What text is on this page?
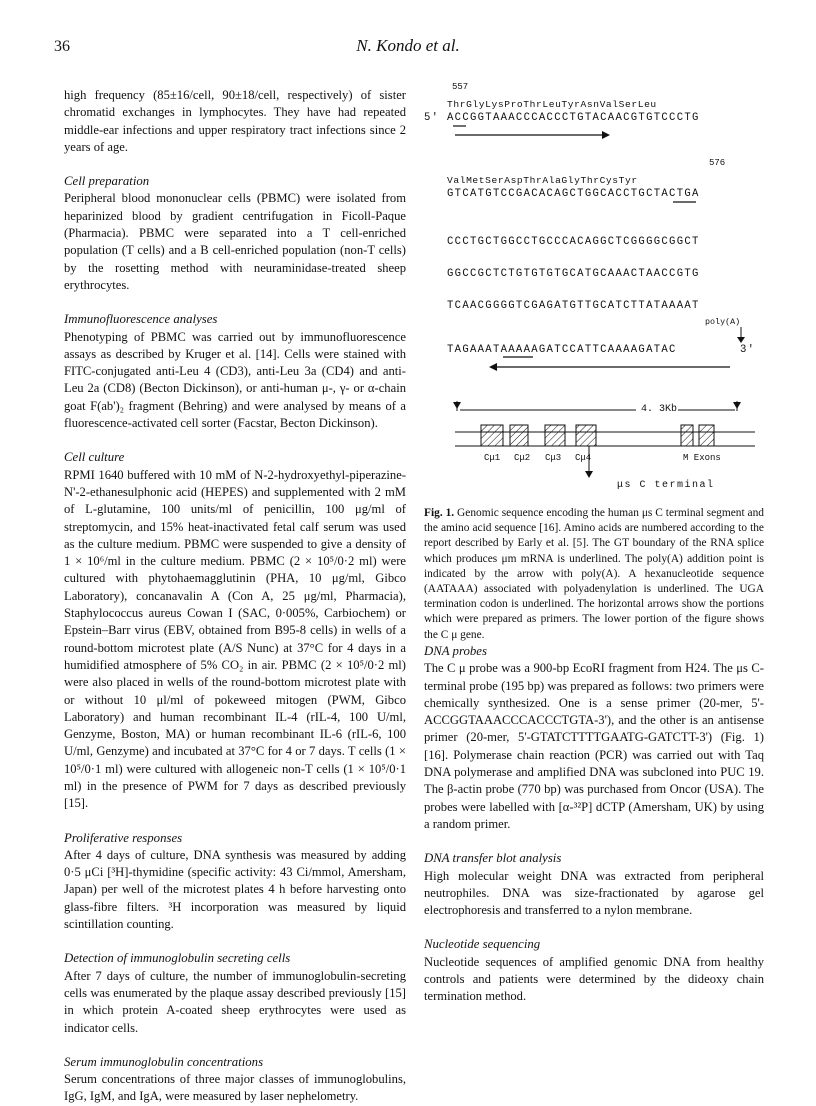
36	N. Kondo et al.

high frequency (85±16/cell, 90±18/cell, respectively) of sister chromatid exchanges in lymphocytes. They have had repeated middle-ear infections and upper respiratory tract infections since 2 years of age.

Cell preparation

Peripheral blood mononuclear cells (PBMC) were isolated from heparinized blood by gradient centrifugation in Ficoll-Paque (Pharmacia). PBMC were separated into a T cell-enriched population (T cells) and a B cell-enriched population (non-T cells) by the rosetting method with neuraminidase-treated sheep erythrocytes.

Immunofluorescence analyses

Phenotyping of PBMC was carried out by immunofluorescence assays as described by Kruger et al. [14]. Cells were stained with FITC-conjugated anti-Leu 4 (CD3), anti-Leu 3a (CD4) and anti-Leu 2a (CD8) (Becton Dickinson), or anti-human μ-, γ- or α-chain goat F(ab')₂ fragment (Behring) and were analysed by means of a fluorescence-activated cell sorter (Facstar, Becton Dickinson).

Cell culture

RPMI 1640 buffered with 10 mM of N-2-hydroxyethyl-piperazine-N'-2-ethanesulphonic acid (HEPES) and supplemented with 2 mM of L-glutamine, 100 units/ml of penicillin, 100 μg/ml of streptomycin, and 15% heat-inactivated fetal calf serum was used as the culture medium. PBMC were suspended to give a density of 1 × 10⁶/ml in the culture medium. PBMC (2 × 10⁵/0·2 ml) were cultured with phytohaemagglutinin (PHA, 10 μg/ml, Gibco Laboratory), concanavalin A (Con A, 25 μg/ml, Pharmacia), Staphylococcus aureus Cowan I (SAC, 0·005%, Carbiochem) or Epstein–Barr virus (EBV, obtained from B95-8 cells) in wells of a round-bottom microtest plate (A/S Nunc) at 37°C for 4 days in a humidified atmosphere of 5% CO₂ in air. PBMC (2 × 10⁵/0·2 ml) were also placed in wells of the round-bottom microtest plate with or without 10 μl/ml of pokeweed mitogen (PWM, Gibco Laboratory) and human recombinant IL-4 (rIL-4, 100 U/ml, Genzyme, Boston, MA) or human recombinant IL-6 (rIL-6, 100 U/ml, Genzyme) and incubated at 37°C for 4 or 7 days. T cells (1 × 10⁵/0·1 ml) were cultured with allogeneic non-T cells (1 × 10⁵/0·1 ml) in the presence of PWM for 7 days as described previously [15].

Proliferative responses

After 4 days of culture, DNA synthesis was measured by adding 0·5 μCi [³H]-thymidine (specific activity: 43 Ci/mmol, Amersham, Japan) per well of the microtest plates 4 h before harvesting onto glass-fibre filters. ³H incorporation was measured by liquid scintillation counting.

Detection of immunoglobulin secreting cells

After 7 days of culture, the number of immunoglobulin-secreting cells was enumerated by the plaque assay described previously [15] in which protein A-coated sheep erythrocytes were used as indicator cells.

Serum immunoglobulin concentrations

Serum concentrations of three major classes of immunoglobulins, IgG, IgM, and IgA, were measured by laser nephelometry.

557
ThrGlyLysProThrLeuTyrAsnValSerLeu
5' ACCGGTAAACCCACCCTGTACAACGTGTCCCTG
576
ValMetSerAspThrAlaGlyThrCysTyr
GTCATGTCCGACACAGCTGGCACCTGCTACTGA
CCCTGCTGGCCTGCCCACAGGCTCGGGGCGGCT
GGCCGCTCTGTGTGTGCATGCAAACTAACCGTG
TCAACGGGGTCGAGATGTTGCATCTTATAAAAT
poly(A)
TAGAAATAAAAAGATCCATTCAAAAGATAC	3'
4. 3Kb
Cμ1 Cμ2 Cμ3 Cμ4	M Exons
μs C terminal

Fig. 1. Genomic sequence encoding the human μs C terminal segment and the amino acid sequence [16]. Amino acids are numbered according to the report described by Early et al. [5]. The GT boundary of the RNA splice which produces μm mRNA is underlined. The poly(A) addition point is indicated by the arrow with poly(A). A hexanucleotide sequence (AATAAA) associated with polyadenylation is underlined. The UGA termination codon is underlined. The horizontal arrows show the portions which were prepared as primers. The lower portion of the figure shows the C μ gene.

DNA probes

The C μ probe was a 900-bp EcoRI fragment from H24. The μs C-terminal probe (195 bp) was prepared as follows: two primers were chemically synthesized. One is a sense primer (20-mer, 5'-ACCGGTAAACCCACCCTGTA-3'), and the other is an antisense primer (20-mer, 5'-GTATCTTTTGAATG-GATCTT-3') (Fig. 1) [16]. Polymerase chain reaction (PCR) was carried out with Taq DNA polymerase and amplified DNA was subcloned into PUC 19. The β-actin probe (770 bp) was purchased from Oncor (USA). The probes were labelled with [α-³²P] dCTP (Amersham, UK) by using a random primer.

DNA transfer blot analysis

High molecular weight DNA was extracted from peripheral neutrophiles. DNA was size-fractionated by agarose gel electrophoresis and transferred to a nylon membrane.

Nucleotide sequencing

Nucleotide sequences of amplified genomic DNA from healthy controls and patients were determined by the dideoxy chain termination method.
